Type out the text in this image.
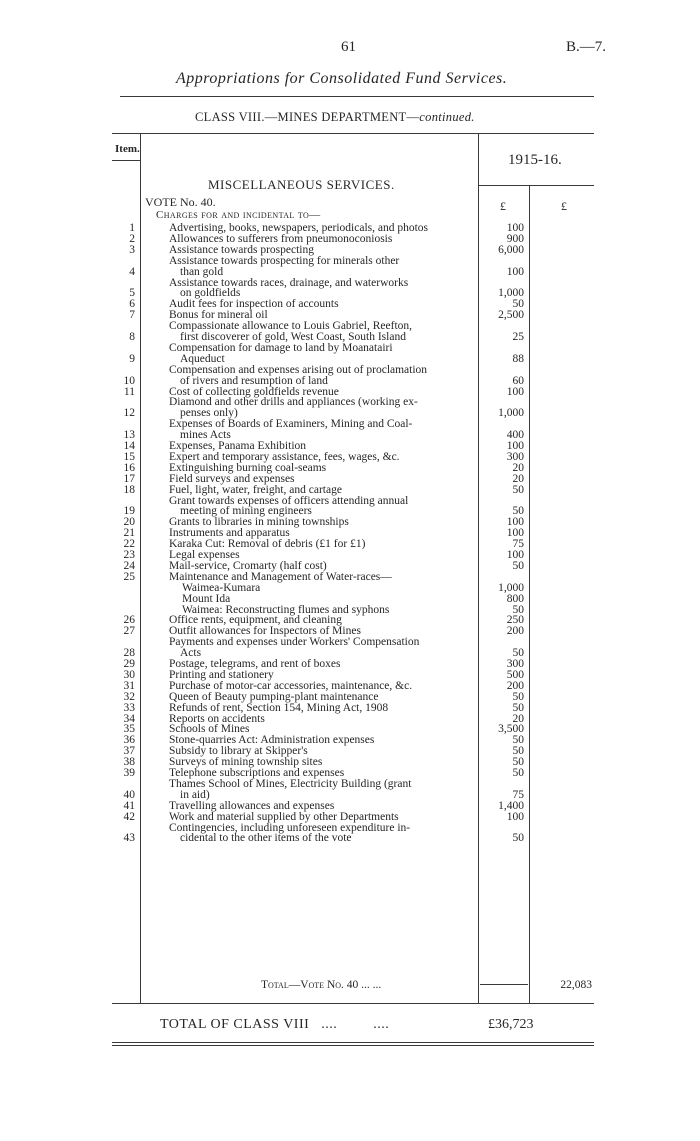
61	B.—7.
Appropriations for Consolidated Fund Services.
CLASS VIII.—MINES DEPARTMENT—continued.
Item.
1915-16.
MISCELLANEOUS SERVICES.
VOTE No. 40.	£	£
Charges for and incidental to—
1	Advertising, books, newspapers, periodicals, and photos	100
2	Allowances to sufferers from pneumonoconiosis	900
3	Assistance towards prospecting	6,000
4
Assistance towards prospecting for minerals other
than gold	100
5
Assistance towards races, drainage, and waterworks
on goldfields	1,000
6	Audit fees for inspection of accounts	50
7	Bonus for mineral oil	2,500
8
Compassionate allowance to Louis Gabriel, Reefton,
first discoverer of gold, West Coast, South Island	25
9
Compensation for damage to land by Moanatairi
Aqueduct	88
10
Compensation and expenses arising out of proclamation
of rivers and resumption of land	60
11	Cost of collecting goldfields revenue	100
12
Diamond and other drills and appliances (working ex-
penses only)	1,000
13
Expenses of Boards of Examiners, Mining and Coal-
mines Acts	400
14	Expenses, Panama Exhibition	100
15	Expert and temporary assistance, fees, wages, &c.	300
16	Extinguishing burning coal-seams	20
17	Field surveys and expenses	20
18	Fuel, light, water, freight, and cartage	50
19
Grant towards expenses of officers attending annual
meeting of mining engineers	50
20	Grants to libraries in mining townships	100
21	Instruments and apparatus	100
22	Karaka Cut: Removal of debris (£1 for £1)	75
23	Legal expenses	100
24	Mail-service, Cromarty (half cost)	50
25	Maintenance and Management of Water-races—
Waimea-Kumara	1,000
Mount Ida	800
Waimea: Reconstructing flumes and syphons	50
26	Office rents, equipment, and cleaning	250
27	Outfit allowances for Inspectors of Mines	200
28
Payments and expenses under Workers' Compensation
Acts	50
29	Postage, telegrams, and rent of boxes	300
30	Printing and stationery	500
31	Purchase of motor-car accessories, maintenance, &c.	200
32	Queen of Beauty pumping-plant maintenance	50
33	Refunds of rent, Section 154, Mining Act, 1908	50
34	Reports on accidents	20
35	Schools of Mines	3,500
36	Stone-quarries Act: Administration expenses	50
37	Subsidy to library at Skipper's	50
38	Surveys of mining township sites	50
39	Telephone subscriptions and expenses	50
40
Thames School of Mines, Electricity Building (grant
in aid)	75
41	Travelling allowances and expenses	1,400
42	Work and material supplied by other Departments	100
43
Contingencies, including unforeseen expenditure in-
cidental to the other items of the vote	50
Total—Vote No. 40 ... ...	22,083
TOTAL OF CLASS VIII   ....         ....	£36,723
